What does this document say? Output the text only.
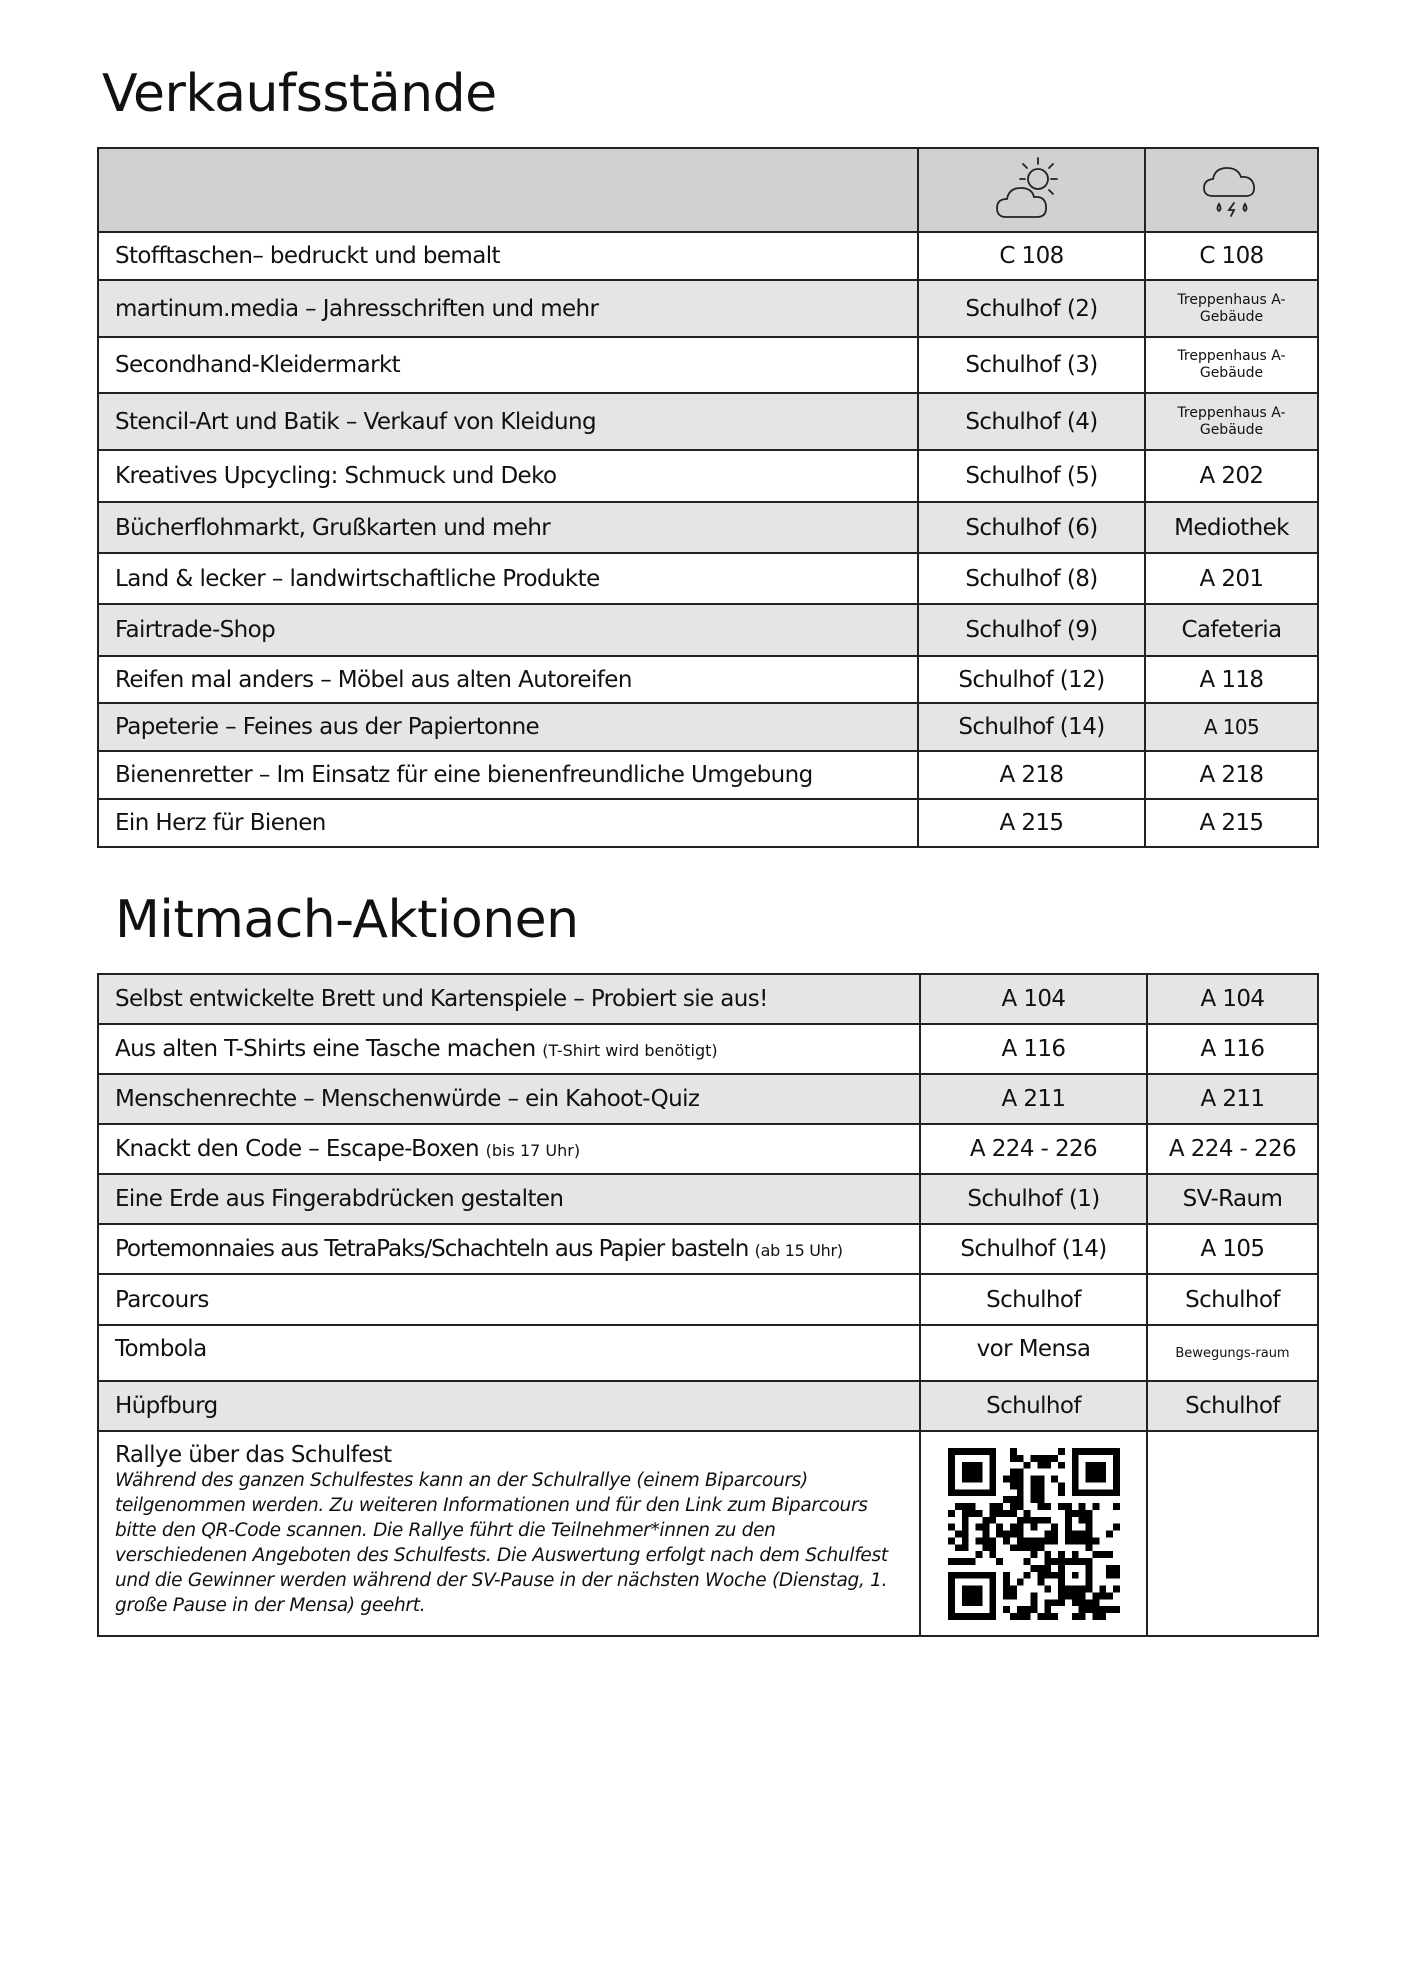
Verkaufsstände

Stofftaschen– bedruckt und bemalt	C 108	C 108
martinum.media – Jahresschriften und mehr	Schulhof (2)	Treppenhaus A-Gebäude
Secondhand-Kleidermarkt	Schulhof (3)	Treppenhaus A-Gebäude
Stencil-Art und Batik – Verkauf von Kleidung	Schulhof (4)	Treppenhaus A-Gebäude
Kreatives Upcycling: Schmuck und Deko	Schulhof (5)	A 202
Bücherflohmarkt, Grußkarten und mehr	Schulhof (6)	Mediothek
Land & lecker – landwirtschaftliche Produkte	Schulhof (8)	A 201
Fairtrade-Shop	Schulhof (9)	Cafeteria
Reifen mal anders – Möbel aus alten Autoreifen	Schulhof (12)	A 118
Papeterie – Feines aus der Papiertonne	Schulhof (14)	A 105
Bienenretter – Im Einsatz für eine bienenfreundliche Umgebung	A 218	A 218
Ein Herz für Bienen	A 215	A 215
Mitmach-Aktionen
Selbst entwickelte Brett und Kartenspiele – Probiert sie aus!	A 104	A 104
Aus alten T-Shirts eine Tasche machen (T-Shirt wird benötigt)	A 116	A 116
Menschenrechte – Menschenwürde – ein Kahoot-Quiz	A 211	A 211
Knackt den Code – Escape-Boxen (bis 17 Uhr)	A 224 - 226	A 224 - 226
Eine Erde aus Fingerabdrücken gestalten	Schulhof (1)	SV-Raum
Portemonnaies aus TetraPaks/Schachteln aus Papier basteln (ab 15 Uhr)	Schulhof (14)	A 105
Parcours	Schulhof	Schulhof
Tombola	vor Mensa	Bewegungs-raum
Hüpfburg	Schulhof	Schulhof

Rallye über das Schulfest
Während des ganzen Schulfestes kann an der Schulrallye (einem Biparcours) teilgenommen werden. Zu weiteren Informationen und für den Link zum Biparcours bitte den QR-Code scannen. Die Rallye führt die Teilnehmer*innen zu den verschiedenen Angeboten des Schulfests. Die Auswertung erfolgt nach dem Schulfest und die Gewinner werden während der SV-Pause in der nächsten Woche (Dienstag, 1. große Pause in der Mensa) geehrt.
